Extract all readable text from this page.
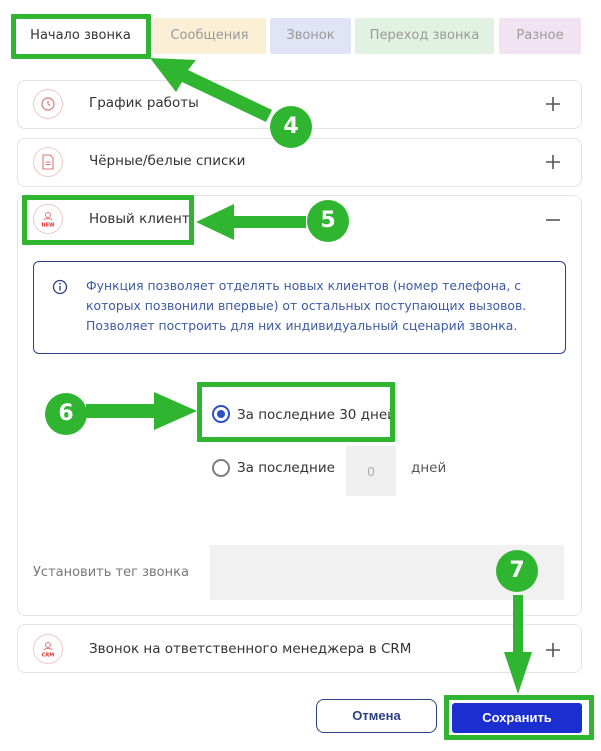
Начало звонка	Сообщения	Звонок	Переход звонка	Разное
График работы
Чёрные/белые списки
NEW	Новый клиент
Функция позволяет отделять новых клиентов (номер телефона, с которых позвонили впервые) от остальных поступающих вызовов. Позволяет построить для них индивидуальный сценарий звонка.
За последние 30 дней
За последние
0	дней
Установить тег звонка
CRM	Звонок на ответственного менеджера в CRM
Отмена	Сохранить
4
5
6
7
